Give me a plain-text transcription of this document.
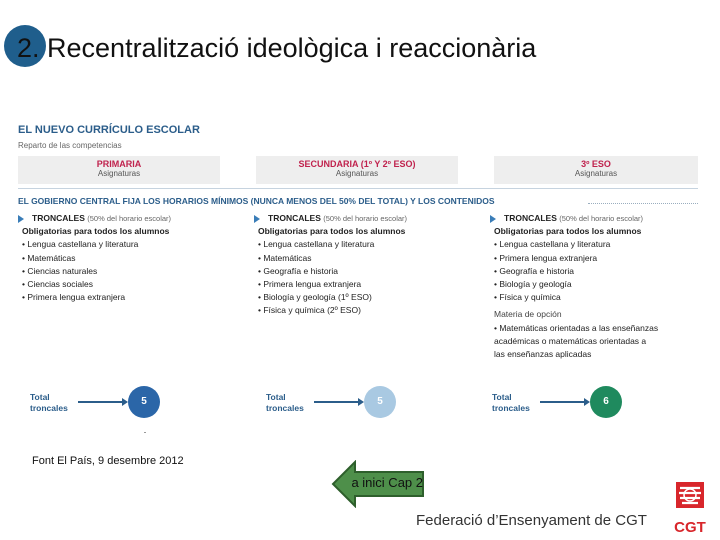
2. Recentralització ideològica i reaccionària
EL NUEVO CURRÍCULO ESCOLAR
Reparto de las competencias
PRIMARIA
Asignaturas
SECUNDARIA (1º Y 2º ESO)
Asignaturas
3º ESO
Asignaturas
EL GOBIERNO CENTRAL FIJA LOS HORARIOS MÍNIMOS (NUNCA MENOS DEL 50% DEL TOTAL) Y LOS CONTENIDOS
TRONCALES (50% del horario escolar)
Obligatorias para todos los alumnos
• Lengua castellana y literatura
• Matemáticas
• Ciencias naturales
• Ciencias sociales
• Primera lengua extranjera
TRONCALES (50% del horario escolar)
Obligatorias para todos los alumnos
• Lengua castellana y literatura
• Matemáticas
• Geografía e historia
• Primera lengua extranjera
• Biología y geología (1º ESO)
• Física y química (2º ESO)
TRONCALES (50% del horario escolar)
Obligatorias para todos los alumnos
• Lengua castellana y literatura
• Primera lengua extranjera
• Geografía e historia
• Biología y geología
• Física y química
Materia de opción
• Matemáticas orientadas a las enseñanzas
académicas o matemáticas orientadas a
las enseñanzas aplicadas
Total
troncales
5	Total
troncales
5	Total
troncales
6
Font El País, 9 desembre 2012
a inici Cap 2
Federació d’Ensenyament de CGT CGT
